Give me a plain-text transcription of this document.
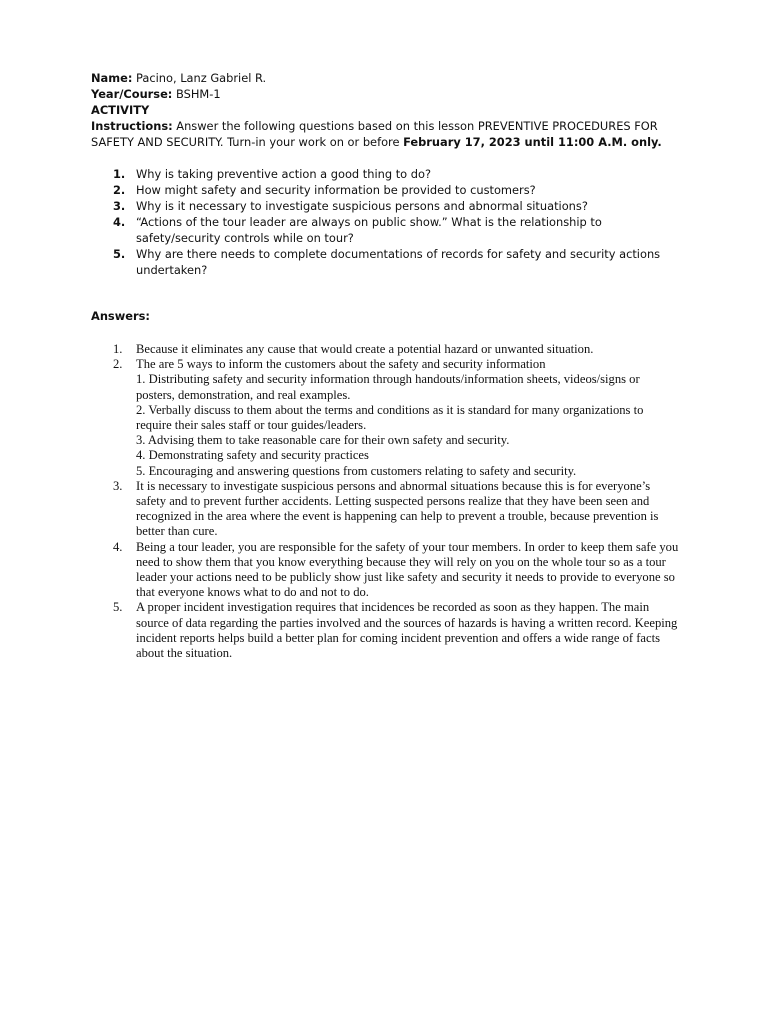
Name: Pacino, Lanz Gabriel R.

Year/Course: BSHM-1

ACTIVITY

Instructions: Answer the following questions based on this lesson PREVENTIVE PROCEDURES FOR SAFETY AND SECURITY. Turn-in your work on or before February 17, 2023 until 11:00 A.M. only.

1. Why is taking preventive action a good thing to do?
2. How might safety and security information be provided to customers?
3. Why is it necessary to investigate suspicious persons and abnormal situations?
4. “Actions of the tour leader are always on public show.” What is the relationship to safety/security controls while on tour?
5. Why are there needs to complete documentations of records for safety and security actions undertaken?

Answers:

1. Because it eliminates any cause that would create a potential hazard or unwanted situation.
2. The are 5 ways to inform the customers about the safety and security information
1. Distributing safety and security information through handouts/information sheets, videos/signs or posters, demonstration, and real examples.
2. Verbally discuss to them about the terms and conditions as it is standard for many organizations to require their sales staff or tour guides/leaders.
3. Advising them to take reasonable care for their own safety and security.
4. Demonstrating safety and security practices
5. Encouraging and answering questions from customers relating to safety and security.
3. It is necessary to investigate suspicious persons and abnormal situations because this is for everyone’s safety and to prevent further accidents. Letting suspected persons realize that they have been seen and recognized in the area where the event is happening can help to prevent a trouble, because prevention is better than cure.
4. Being a tour leader, you are responsible for the safety of your tour members. In order to keep them safe you need to show them that you know everything because they will rely on you on the whole tour so as a tour leader your actions need to be publicly show just like safety and security it needs to provide to everyone so that everyone knows what to do and not to do.
5. A proper incident investigation requires that incidences be recorded as soon as they happen. The main source of data regarding the parties involved and the sources of hazards is having a written record. Keeping incident reports helps build a better plan for coming incident prevention and offers a wide range of facts about the situation.
